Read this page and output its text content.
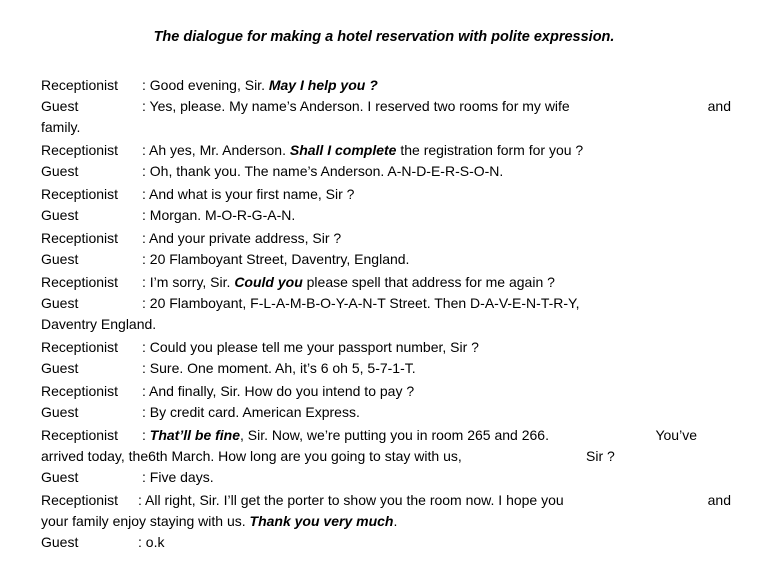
The dialogue for making a hotel reservation with polite expression.
Receptionist : Good evening, Sir. May I help you ?
Guest	: Yes, please. My name’s Anderson. I reserved two rooms for my wife	and
family.
Receptionist : Ah yes, Mr. Anderson. Shall I complete the registration form for you ?
Guest	: Oh, thank you. The name’s Anderson. A-N-D-E-R-S-O-N.
Receptionist : And what is your first name, Sir ?
Guest	: Morgan. M-O-R-G-A-N.
Receptionist : And your private address, Sir ?
Guest	: 20 Flamboyant Street, Daventry, England.
Receptionist : I’m sorry, Sir. Could you please spell that address for me again ?
Guest	: 20 Flamboyant, F-L-A-M-B-O-Y-A-N-T Street. Then D-A-V-E-N-T-R-Y,
Daventry England.
Receptionist : Could you please tell me your passport number, Sir ?
Guest	: Sure. One moment. Ah, it’s 6 oh 5, 5-7-1-T.
Receptionist : And finally, Sir. How do you intend to pay ?
Guest	: By credit card. American Express.
Receptionist : That’ll be fine, Sir. Now, we’re putting you in room 265 and 266.	You’ve
arrived today, the6th March. How long are you going to stay with us,	Sir ?
Guest	: Five days.
Receptionist : All right, Sir. I’ll get the porter to show you the room now. I hope you	and
your family enjoy staying with us. Thank you very much.
Guest	: o.k
